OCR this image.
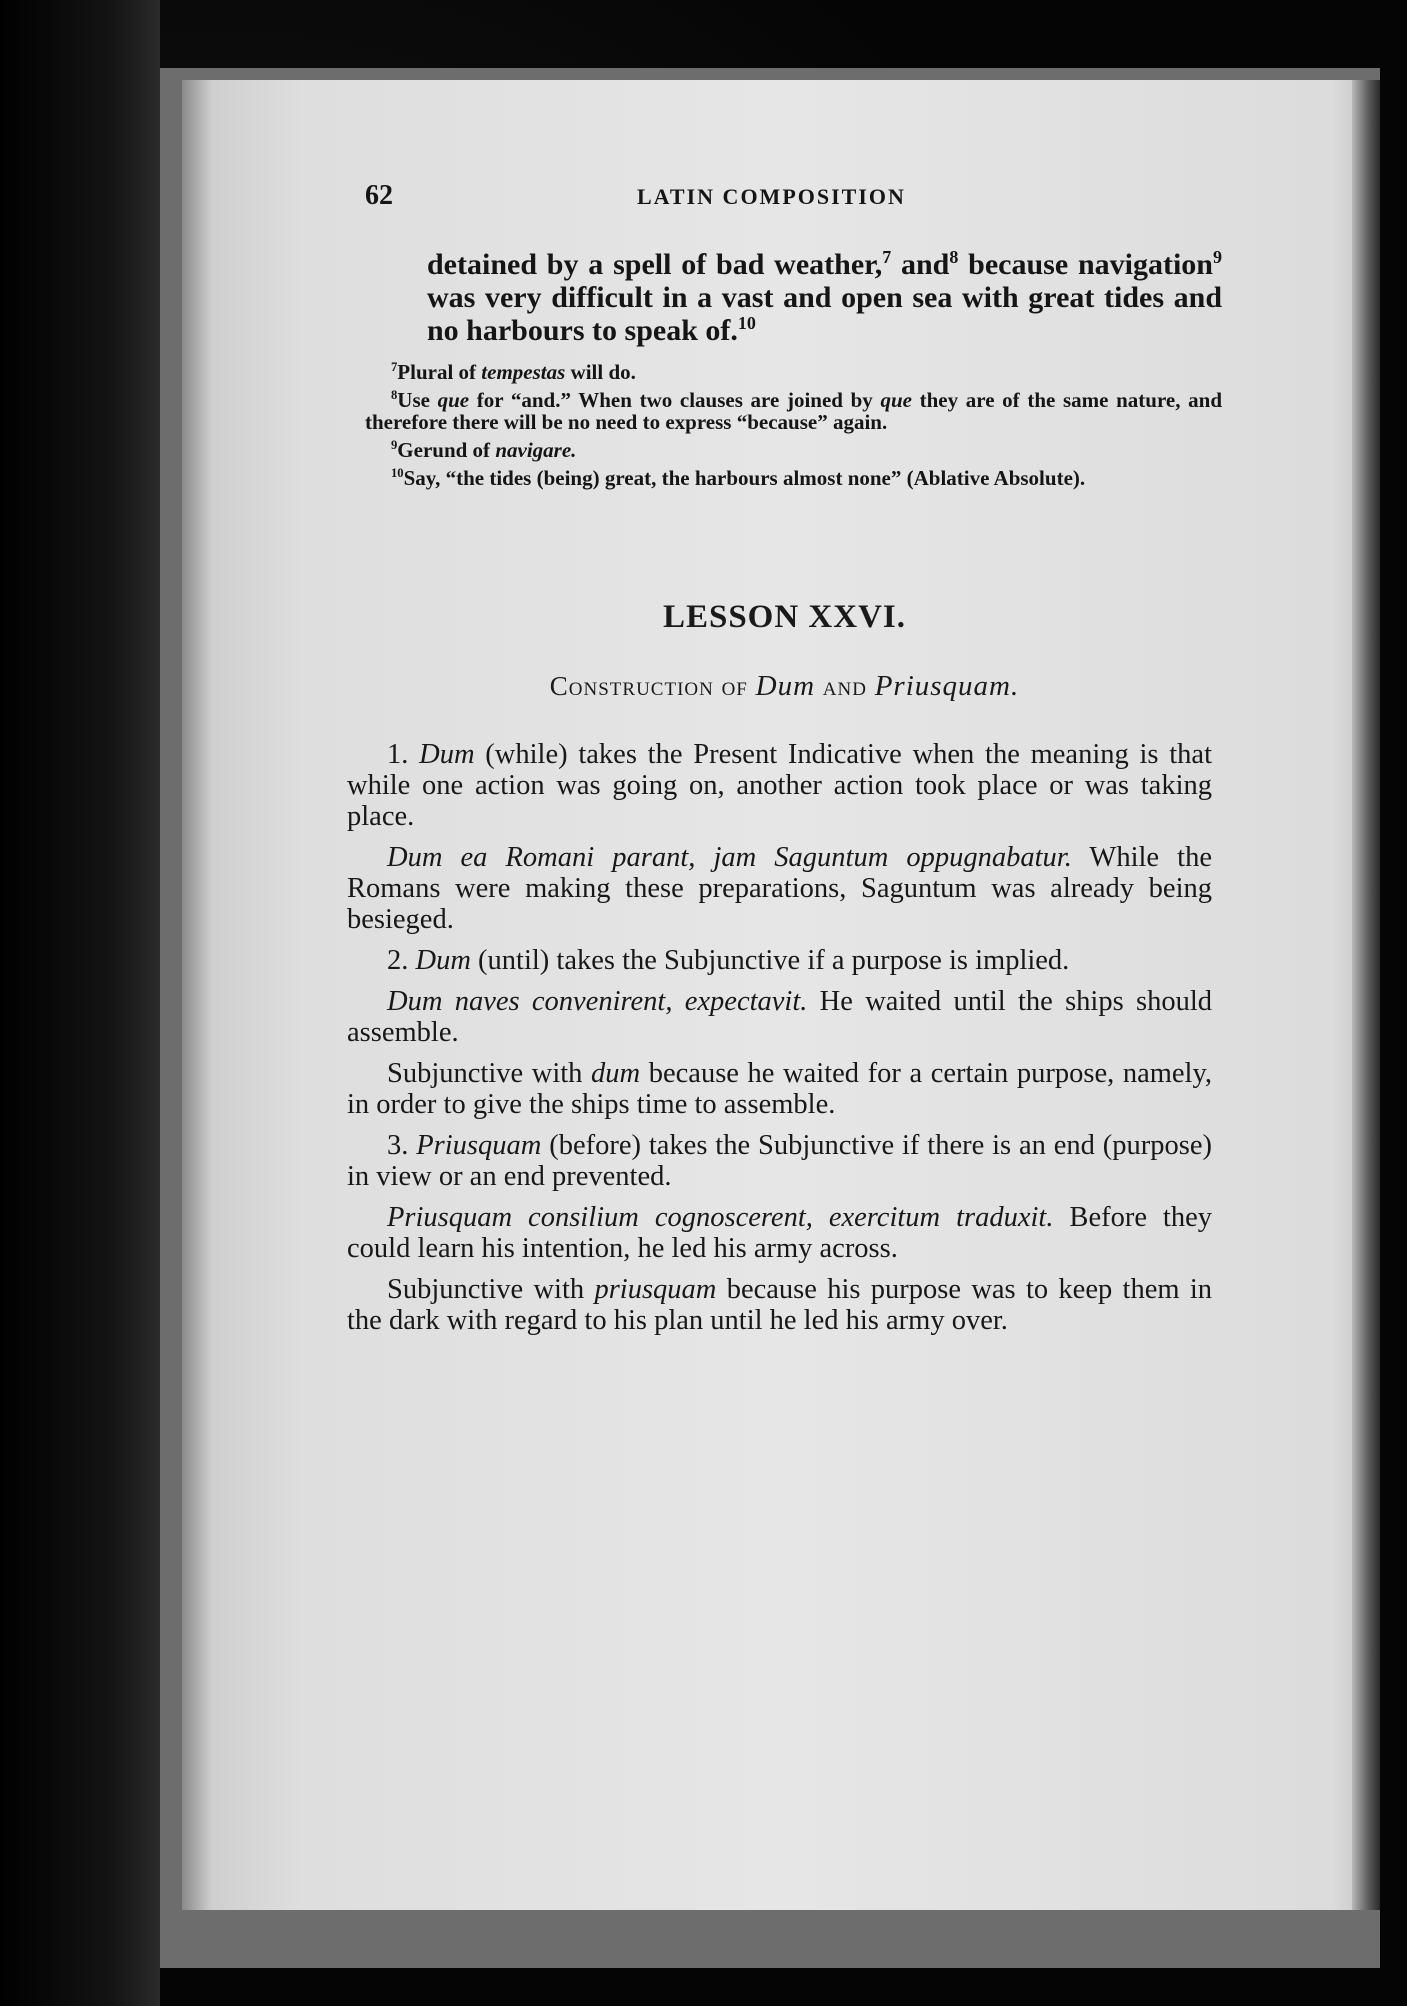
62	LATIN COMPOSITION
detained by a spell of bad weather,$^7$ and$^8$ because navigation$^9$ was very difficult in a vast and open sea with great tides and no harbours to speak of.$^{10}$

$^7$Plural of tempestas will do.

$^8$Use que for “and.” When two clauses are joined by que they are of the same nature, and therefore there will be no need to express “because” again.

$^9$Gerund of navigare.

$^{10}$Say, “the tides (being) great, the harbours almost none” (Ablative Absolute).

LESSON XXVI.
Construction of Dum and Priusquam.

1. Dum (while) takes the Present Indicative when the meaning is that while one action was going on, another action took place or was taking place.

Dum ea Romani parant, jam Saguntum oppugnabatur. While the Romans were making these preparations, Saguntum was already being besieged.

2. Dum (until) takes the Subjunctive if a purpose is implied.

Dum naves convenirent, expectavit. He waited until the ships should assemble.

Subjunctive with dum because he waited for a certain purpose, namely, in order to give the ships time to assemble.

3. Priusquam (before) takes the Subjunctive if there is an end (purpose) in view or an end prevented.

Priusquam consilium cognoscerent, exercitum traduxit. Before they could learn his intention, he led his army across.

Subjunctive with priusquam because his purpose was to keep them in the dark with regard to his plan until he led his army over.
